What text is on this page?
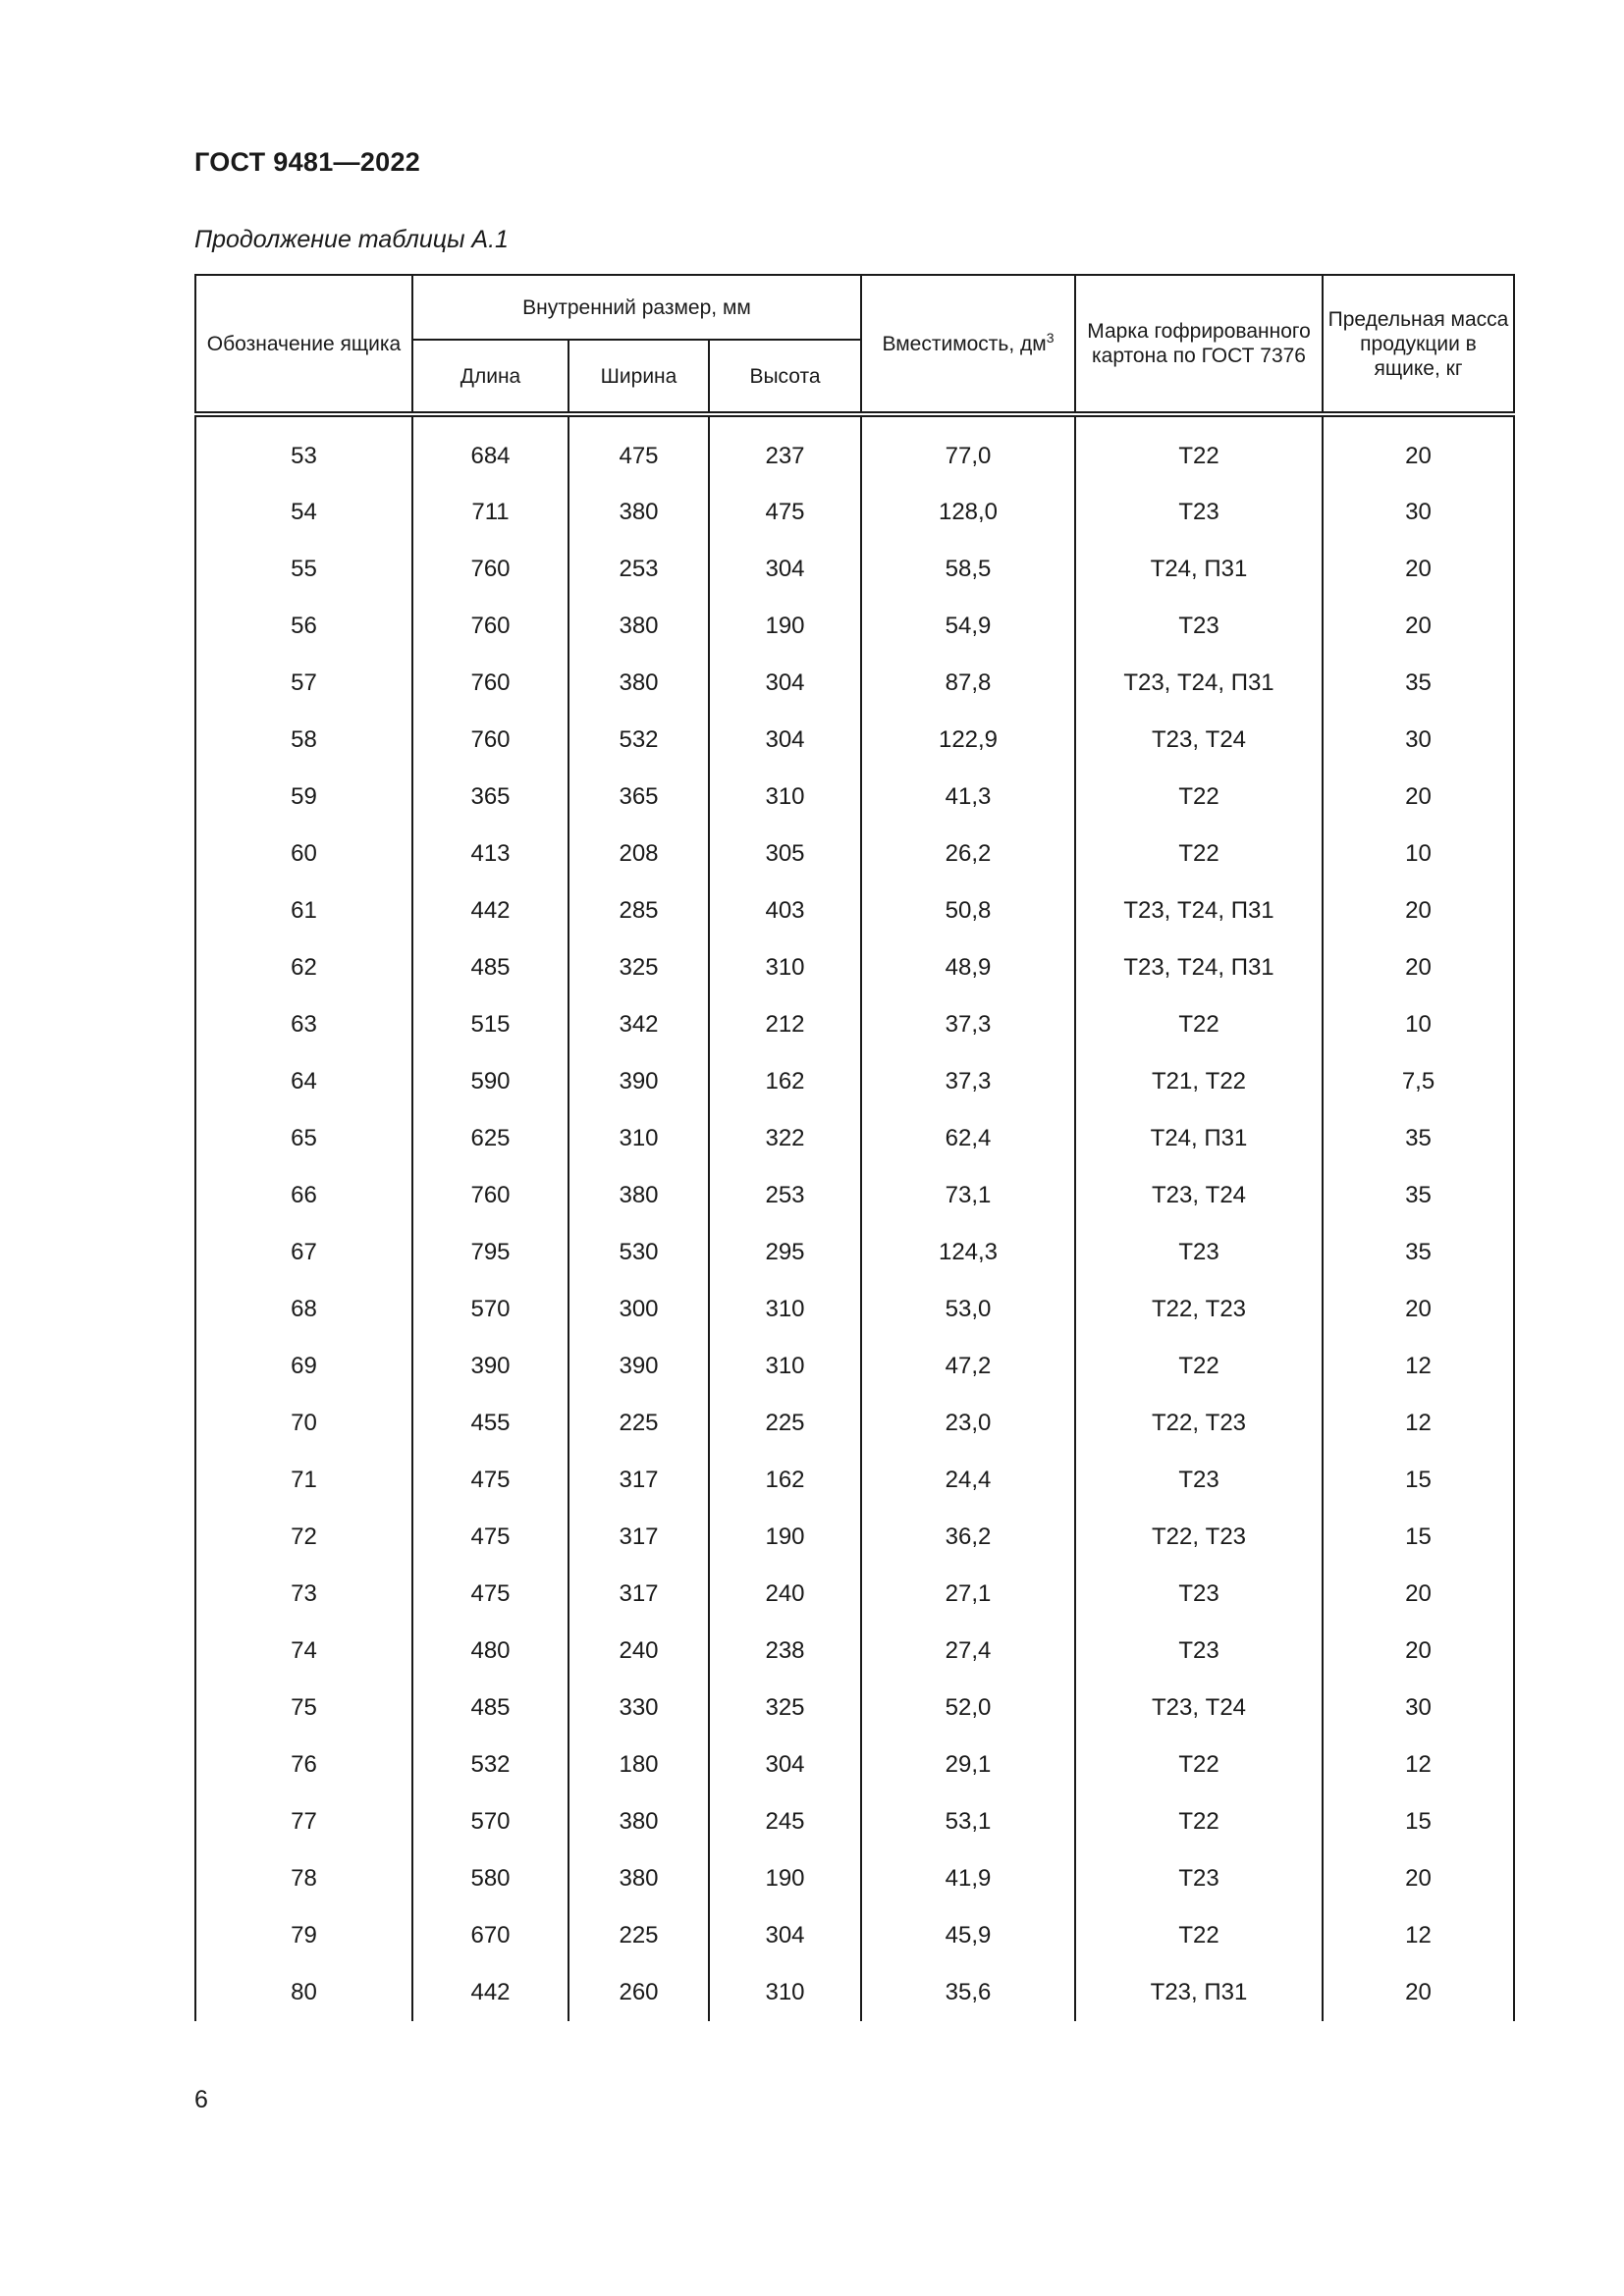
ГОСТ 9481—2022
Продолжение таблицы А.1
Обозначение ящика	Внутренний размер, мм			Вместимость, $дм^3$	Марка гофрированного картона по ГОСТ 7376	Предельная масса продукции в ящике, кг
	Длина	Ширина	Высота			
53	684	475	237	77,0	Т22	20
54	711	380	475	128,0	Т23	30
55	760	253	304	58,5	Т24, П31	20
56	760	380	190	54,9	Т23	20
57	760	380	304	87,8	Т23, Т24, П31	35
58	760	532	304	122,9	Т23, Т24	30
59	365	365	310	41,3	Т22	20
60	413	208	305	26,2	Т22	10
61	442	285	403	50,8	Т23, Т24, П31	20
62	485	325	310	48,9	Т23, Т24, П31	20
63	515	342	212	37,3	Т22	10
64	590	390	162	37,3	Т21, Т22	7,5
65	625	310	322	62,4	Т24, П31	35
66	760	380	253	73,1	Т23, Т24	35
67	795	530	295	124,3	Т23	35
68	570	300	310	53,0	Т22, Т23	20
69	390	390	310	47,2	Т22	12
70	455	225	225	23,0	Т22, Т23	12
71	475	317	162	24,4	Т23	15
72	475	317	190	36,2	Т22, Т23	15
73	475	317	240	27,1	Т23	20
74	480	240	238	27,4	Т23	20
75	485	330	325	52,0	Т23, Т24	30
76	532	180	304	29,1	Т22	12
77	570	380	245	53,1	Т22	15
78	580	380	190	41,9	Т23	20
79	670	225	304	45,9	Т22	12
80	442	260	310	35,6	Т23, П31	20
6
